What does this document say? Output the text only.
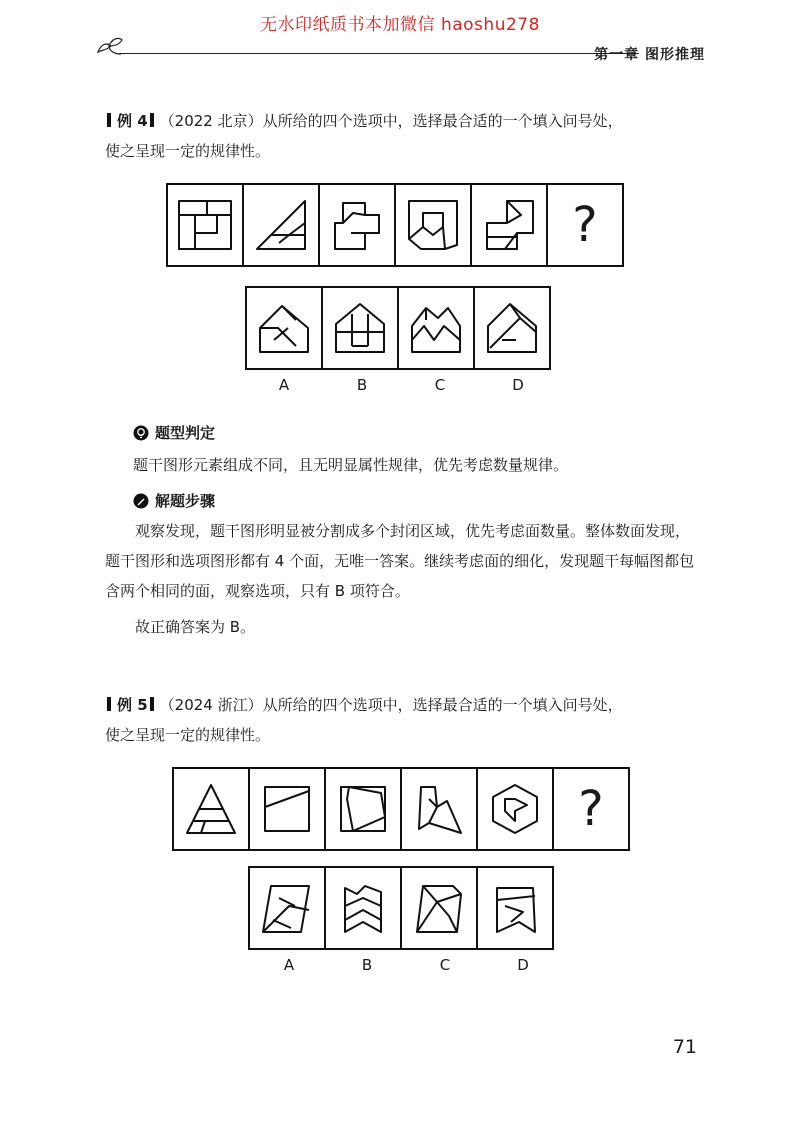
无水印纸质书本加微信 haoshu278
第一章 图形推理

例 4 （2022 北京）从所给的四个选项中，选择最合适的一个填入问号处，

使之呈现一定的规律性。

?
A	B	C	D
题型判定

题干图形元素组成不同，且无明显属性规律，优先考虑数量规律。

解题步骤

观察发现，题干图形明显被分割成多个封闭区域，优先考虑面数量。整体数面发现，题干图形和选项图形都有 4 个面，无唯一答案。继续考虑面的细化，发现题干每幅图都包含两个相同的面，观察选项，只有 B 项符合。

故正确答案为 B。

例 5 （2024 浙江）从所给的四个选项中，选择最合适的一个填入问号处，

使之呈现一定的规律性。

?
A	B	C	D
71
